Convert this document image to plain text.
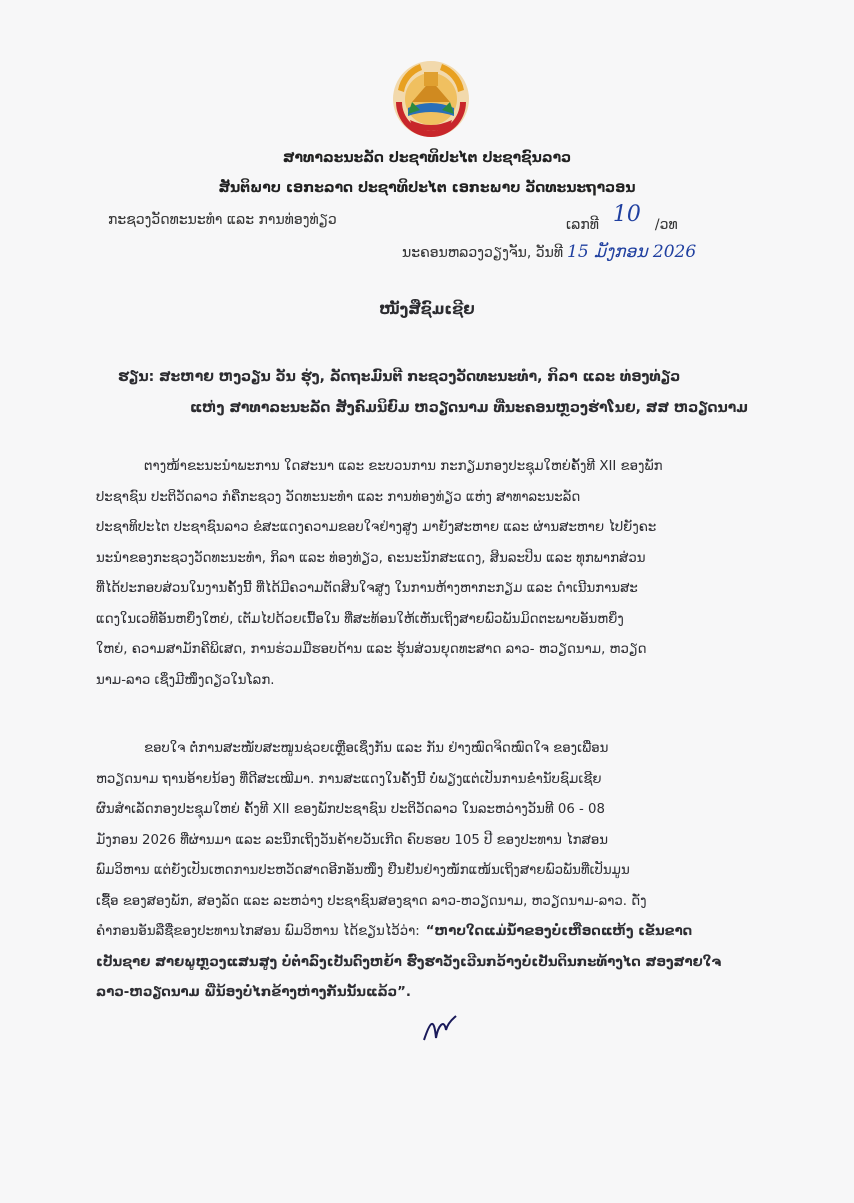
ສາທາລະນະລັດ ປະຊາທິປະໄຕ ປະຊາຊົນລາວ
ສັນຕິພາບ ເອກະລາດ ປະຊາທິປະໄຕ ເອກະພາບ ວັດທະນະຖາວອນ
ກະຊວງວັດທະນະທຳ ແລະ ການທ່ອງທ່ຽວ	ເລກທີ 10 /ວທ
ນະຄອນຫລວງວຽງຈັນ, ວັນທີ 15 ມັງກອນ 2026
ໜັງສືຊົມເຊີຍ
ຮຽນ: ສະຫາຍ ຫງວຽນ ວັນ ຮຸ່ງ, ລັດຖະມົນຕີ ກະຊວງວັດທະນະທຳ, ກິລາ ແລະ ທ່ອງທ່ຽວ
ແຫ່ງ ສາທາລະນະລັດ ສັງຄົມນິຍົມ ຫວຽດນາມ ທີ່ນະຄອນຫຼວງຮ່າໂນຍ, ສສ ຫວຽດນາມ
ຕາງໜ້າຂະນະນຳພະການ ໃດສະນາ ແລະ ຂະບວນການ ກະກຽມກອງປະຊຸມໃຫຍ່ຄັ້ງທີ XII ຂອງພັກ
ປະຊາຊົນ ປະຕິວັດລາວ ກໍຄືກະຊວງ ວັດທະນະທຳ ແລະ ການທ່ອງທ່ຽວ ແຫ່ງ ສາທາລະນະລັດ
ປະຊາທິປະໄຕ ປະຊາຊົນລາວ ຂໍສະແດງຄວາມຂອບໃຈຢ່າງສູງ ມາຍັງສະຫາຍ ແລະ ຜ່ານສະຫາຍ ໄປຍັງຄະ
ນະນຳຂອງກະຊວງວັດທະນະທຳ, ກິລາ ແລະ ທ່ອງທ່ຽວ, ຄະນະນັກສະແດງ, ສິນລະປິນ ແລະ ທຸກພາກສ່ວນ
ທີ່ໄດ້ປະກອບສ່ວນໃນງານຄັ້ງນີ້ ທີ່ໄດ້ມີຄວາມຕັດສິນໃຈສູງ ໃນການຫ້າງຫາກະກຽມ ແລະ ດຳເນີນການສະ
ແດງໃນເວທີອັນຫຍິ່ງໃຫຍ່, ເຕັມໄປດ້ວຍເນື້ອໃນ ທີ່ສະທ້ອນໃຫ້ເຫັນເຖິງສາຍພົວພັນມິດຕະພາບອັນຫຍິ່ງ
ໃຫຍ່, ຄວາມສາມັກຄີພິເສດ, ການຮ່ວມມືຮອບດ້ານ ແລະ ຮຸ້ນສ່ວນຍຸດທະສາດ ລາວ- ຫວຽດນາມ, ຫວຽດ
ນາມ-ລາວ ເຊິ່ງມີໜຶ່ງດຽວໃນໂລກ.
ຂອບໃຈ ຕໍ່ການສະໜັບສະໜູນຊ່ວຍເຫຼືອເຊິ່ງກັນ ແລະ ກັນ ຢ່າງໝົດຈິດໝົດໃຈ ຂອງເພື່ອນ
ຫວຽດນາມ ຖານອ້າຍນ້ອງ ທີ່ດີສະເໝີມາ. ການສະແດງໃນຄັ້ງນີ້ ບໍ່ພຽງແຕ່ເປັນການຂ່ຳນັບຊົມເຊີຍ
ຜົນສຳເລັດກອງປະຊຸມໃຫຍ່ ຄັ້ງທີ XII ຂອງພັກປະຊາຊົນ ປະຕິວັດລາວ ໃນລະຫວ່າງວັນທີ 06 - 08
ມັງກອນ 2026 ທີ່ຜ່ານມາ ແລະ ລະນຶກເຖິງວັນຄ້າຍວັນເກີດ ຄົບຮອບ 105 ປີ ຂອງປະທານ ໄກສອນ
ພົມວິຫານ ແຕ່ຍັງເປັນເຫດການປະຫວັດສາດອີກອັນໜຶ່ງ ຢືນຢັນຢ່າງໜັກແໜ້ນເຖິງສາຍພົວພັນທີ່ເປັນມູນ
ເຊື້ອ ຂອງສອງພັກ, ສອງລັດ ແລະ ລະຫວ່າງ ປະຊາຊົນສອງຊາດ ລາວ-ຫວຽດນາມ, ຫວຽດນາມ-ລາວ. ດັ່ງ
ຄຳກອນອັນລືຊື່ຂອງປະທານໄກສອນ ພົມວິຫານ ໄດ້ຂຽນໄວ້ວ່າ: “ຫາບໃດແມ່ນ້ຳຂອງບໍ່ເຫືອດແຫ້ງ ເຂັນຂາດ
ເປັນຊາຍ ສາຍພູຫຼວງແສນສູງ ບໍ່ຕ່ຳລົງເປັນດົງຫຍ້າ ຮົ່ງຮາວັງເວີນກວ້າງບໍ່ເປັນດິນກະທ້າງໄດ ສອງສາຍໃຈ
ລາວ-ຫວຽດນາມ ພີ່ນ້ອງບໍ່ໄກຂ້າງຫ່າງກັນນັ້ນແລ້ວ”.
